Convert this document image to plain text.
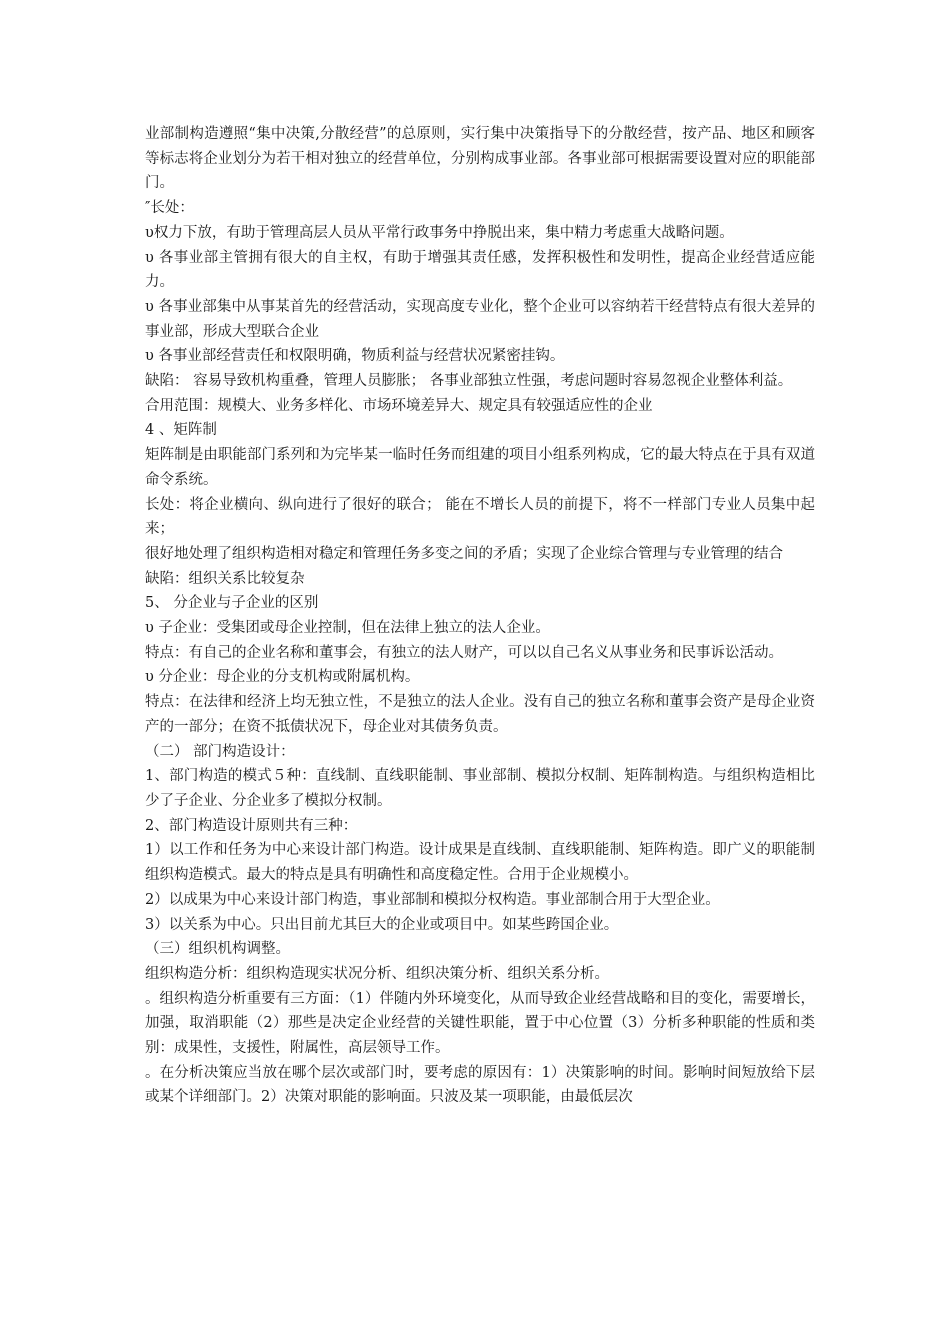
业部制构造遵照“集中决策,分散经营”的总原则，实行集中决策指导下的分散经营，按产品、地区和顾客等标志将企业划分为若干相对独立的经营单位，分别构成事业部。各事业部可根据需要设置对应的职能部门。

″长处：

υ权力下放，有助于管理高层人员从平常行政事务中挣脱出来，集中精力考虑重大战略问题。

υ 各事业部主管拥有很大的自主权，有助于增强其责任感，发挥积极性和发明性，提高企业经营适应能力。

υ 各事业部集中从事某首先的经营活动，实现高度专业化，整个企业可以容纳若干经营特点有很大差异的事业部，形成大型联合企业

υ 各事业部经营责任和权限明确，物质利益与经营状况紧密挂钩。

缺陷： 容易导致机构重叠，管理人员膨胀； 各事业部独立性强，考虑问题时容易忽视企业整体利益。

合用范围：规模大、业务多样化、市场环境差异大、规定具有较强适应性的企业

4 、矩阵制

矩阵制是由职能部门系列和为完毕某一临时任务而组建的项目小组系列构成，它的最大特点在于具有双道命令系统。

长处：将企业横向、纵向进行了很好的联合； 能在不增长人员的前提下，将不一样部门专业人员集中起来；

很好地处理了组织构造相对稳定和管理任务多变之间的矛盾；实现了企业综合管理与专业管理的结合

缺陷：组织关系比较复杂

5、 分企业与子企业的区别

υ 子企业：受集团或母企业控制，但在法律上独立的法人企业。

特点：有自己的企业名称和董事会，有独立的法人财产，可以以自己名义从事业务和民事诉讼活动。

υ 分企业：母企业的分支机构或附属机构。

特点：在法律和经济上均无独立性，不是独立的法人企业。没有自己的独立名称和董事会资产是母企业资产的一部分；在资不抵债状况下，母企业对其债务负责。

（二） 部门构造设计：

1、部门构造的模式５种：直线制、直线职能制、事业部制、模拟分权制、矩阵制构造。与组织构造相比少了子企业、分企业多了模拟分权制。

2、部门构造设计原则共有三种：

1）以工作和任务为中心来设计部门构造。设计成果是直线制、直线职能制、矩阵构造。即广义的职能制组织构造模式。最大的特点是具有明确性和高度稳定性。合用于企业规模小。

2）以成果为中心来设计部门构造，事业部制和模拟分权构造。事业部制合用于大型企业。

3）以关系为中心。只出目前尤其巨大的企业或项目中。如某些跨国企业。

（三）组织机构调整。

组织构造分析：组织构造现实状况分析、组织决策分析、组织关系分析。

。组织构造分析重要有三方面：（1）伴随内外环境变化，从而导致企业经营战略和目的变化，需要增长，加强，取消职能（2）那些是决定企业经营的关键性职能，置于中心位置（3）分析多种职能的性质和类别：成果性，支援性，附属性，高层领导工作。

。在分析决策应当放在哪个层次或部门时，要考虑的原因有：1）决策影响的时间。影响时间短放给下层或某个详细部门。2）决策对职能的影响面。只波及某一项职能，由最低层次
